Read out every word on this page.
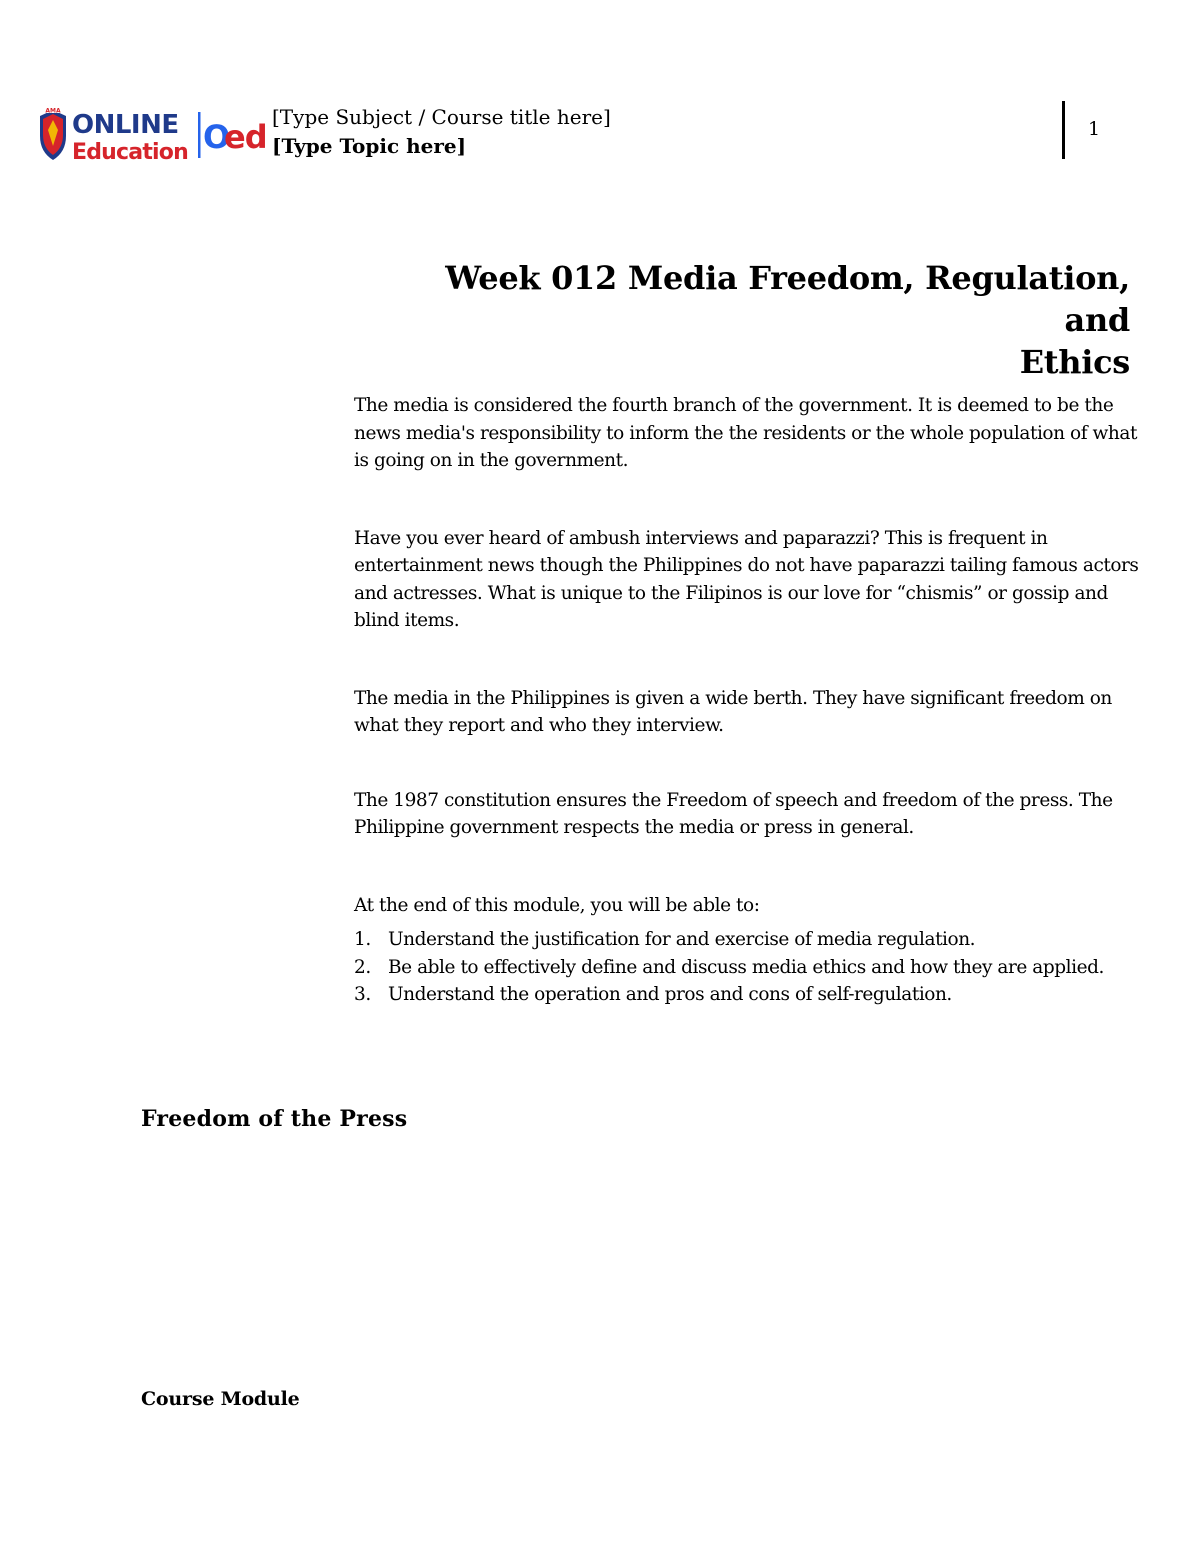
AMA ONLINE
Education O
ed
[Type Subject / Course title here]
[Type Topic here]
1
Week 012 Media Freedom, Regulation, and
Ethics

The media is considered the fourth branch of the government. It is deemed to be the news media's responsibility to inform the the residents or the whole population of what is going on in the government.

Have you ever heard of ambush interviews and paparazzi? This is frequent in entertainment news though the Philippines do not have paparazzi tailing famous actors and actresses. What is unique to the Filipinos is our love for “chismis” or gossip and blind items.

The media in the Philippines is given a wide berth. They have significant freedom on what they report and who they interview.

The 1987 constitution ensures the Freedom of speech and freedom of the press. The Philippine government respects the media or press in general.

At the end of this module, you will be able to:

1. Understand the justification for and exercise of media regulation.
2. Be able to effectively define and discuss media ethics and how they are applied.
3. Understand the operation and pros and cons of self-regulation.
Freedom of the Press
Course Module
